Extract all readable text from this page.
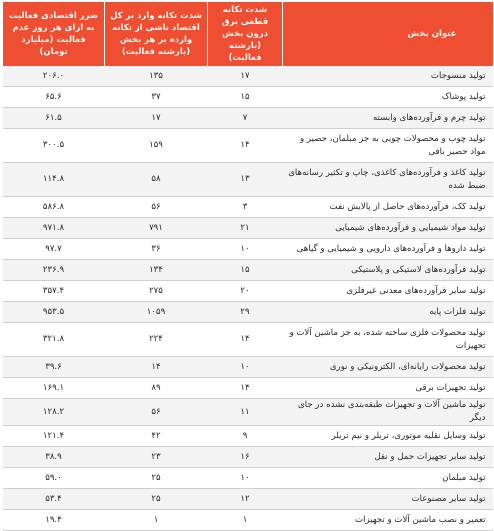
عنوان بخش	شدت تکانه قطعی برق درون بخش (بارشته فعالیت)	شدت تکانه وارد بر کل اقتصاد ناشی از تکانه وارده بر هر بخش (بارشته فعالیت)	ضرر اقتصادی فعالیت به ازای هر روز عدم فعالیت (میلیارد تومان)
تولید منسوجات	۱۷	۱۳۵	۲۰۶.۰
تولید پوشاک	۱۵	۳۷	۶۵.۶
تولید چرم و فرآورده‌های وابسته	۷	۱۷	۶۱.۵
تولید چوب و محصولات چوبی به جز مبلمان، حصیر و مواد حصیر بافی	۱۴	۱۵۹	۳۰۰.۵
تولید کاغذ و فرآورده‌های کاغذی، چاپ و تکثیر رسانه‌های ضبط شده	۱۳	۵۸	۱۱۴.۸
تولید کک، فرآورده‌های حاصل از پالایش نفت	۳	۵۶	۵۸۶.۸
تولید مواد شیمیایی و فرآورده‌های شیمیایی	۲۱	۷۹۱	۹۷۱.۸
تولید داروها و فرآورده‌های دارویی و شیمیایی و گیاهی	۱۰	۳۶	۹۷.۷
تولید فرآورده‌های لاستیکی و پلاستیکی	۱۵	۱۳۴	۲۳۶.۹
تولید سایر فرآورده‌های معدنی غیرفلزی	۲۰	۲۷۵	۳۵۷.۴
تولید فلزات پایه	۲۹	۱۰۵۹	۹۵۳.۵
تولید محصولات فلزی ساخته شده، به جز ماشین آلات و تجهیزات	۱۴	۲۲۴	۳۲۱.۸
تولید محصولات رایانه‌ای، الکترونیکی و نوری	۱۰	۱۴	۳۹.۶
تولید تجهیزات برقی	۱۴	۸۹	۱۶۹.۱
تولید ماشین آلات و تجهیزات طبقه‌بندی نشده در جای دیگر	۱۱	۵۶	۱۲۸.۲
تولید وسایل نقلیه موتوری، تریلر و نیم تریلر	۹	۴۲	۱۲۱.۴
تولید سایر تجهیزات حمل و نقل	۱۶	۲۳	۳۸.۹
تولید مبلمان	۱۰	۲۵	۵۹.۰
تولید سایر مصنوعات	۱۲	۲۵	۵۳.۴
تعمیر و نصب ماشین آلات و تجهیزات	۱	۱	۱۹.۴
